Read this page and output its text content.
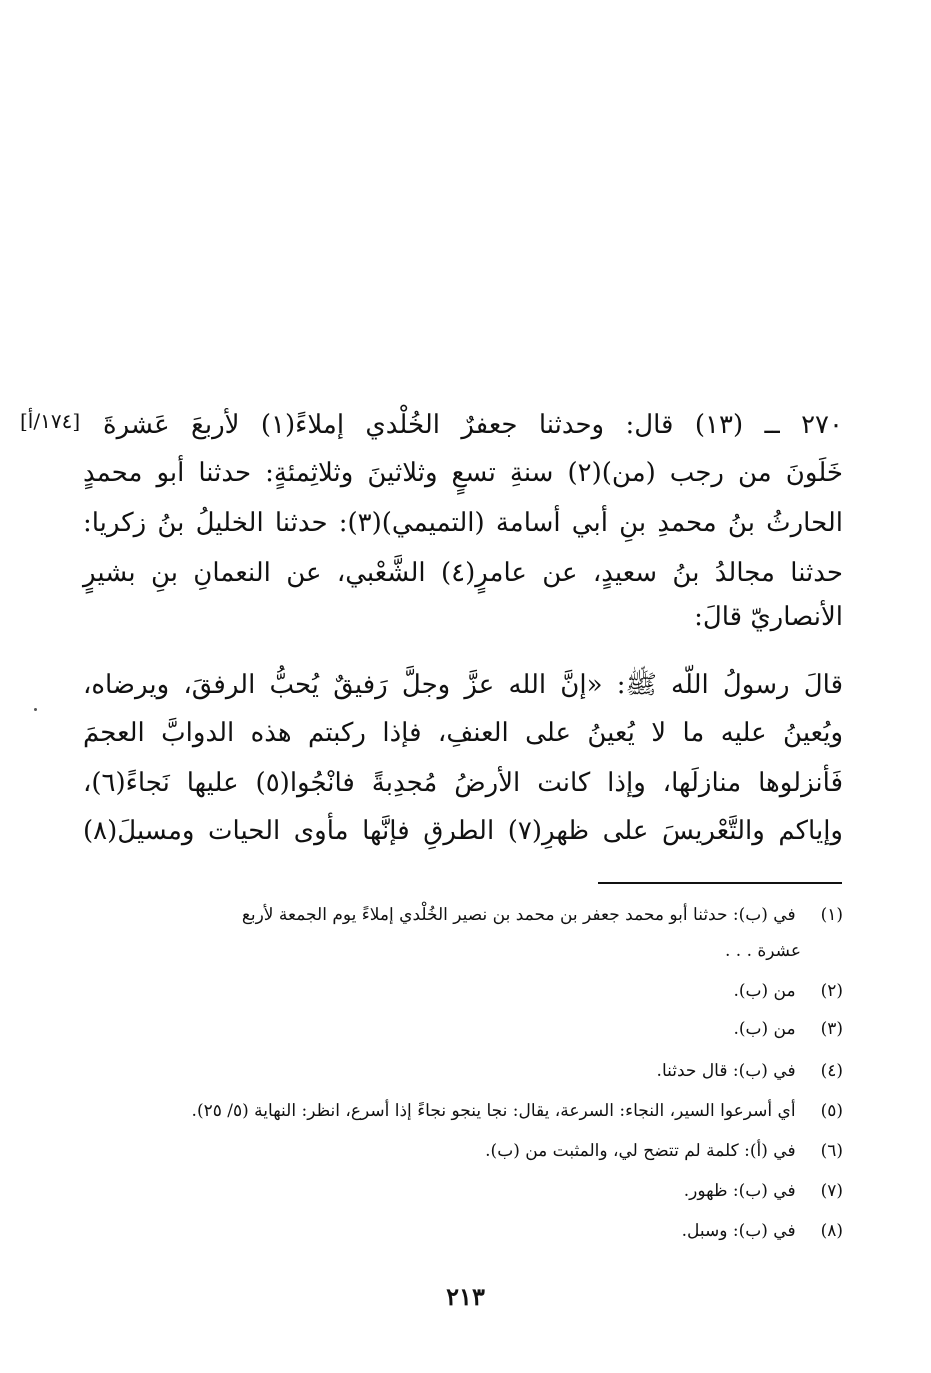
[١٧٤/أ] ٢٧٠ ــ (١٣) قال: وحدثنا جعفرٌ الخُلْدي إملاءً(١) لأربعَ عَشرةَ
خَلَونَ من رجب (من)(٢) سنةِ تسعٍ وثلاثينَ وثلاثِمئةٍ: حدثنا أبو محمدٍ
الحارثُ بنُ محمدِ بنِ أبي أسامة (التميمي)(٣): حدثنا الخليلُ بنُ زكريا:
حدثنا مجالدُ بنُ سعيدٍ، عن عامرٍ(٤) الشَّعْبي، عن النعمانِ بنِ بشيرٍ
الأنصاريّ قالَ:
قالَ رسولُ اللّه ﷺ: «إنَّ الله عزَّ وجلَّ رَفيقٌ يُحبُّ الرفقَ، ويرضاه،
ويُعينُ عليه ما لا يُعينُ على العنفِ، فإذا ركبتم هذه الدوابَّ العجمَ
فَأنزلوها منازلَها، وإذا كانت الأرضُ مُجدِبةً فانْجُوا(٥) عليها نَجاءً(٦)،
وإياكم والتَّعْريسَ على ظهرِ(٧) الطرقِ فإنَّها مأوى الحيات ومسيلَ(٨)
(١) في (ب): حدثنا أبو محمد جعفر بن محمد بن نصير الخُلْدي إملاءً يوم الجمعة لأربع
عشرة . . .
(٢) من (ب).
(٣) من (ب).
(٤) في (ب): قال حدثنا.
(٥) أي أسرعوا السير، النجاء: السرعة، يقال: نجا ينجو نجاءً إذا أسرع، انظر: النهاية (٥/ ٢٥).
(٦) في (أ): كلمة لم تتضح لي، والمثبت من (ب).
(٧) في (ب): ظهور.
(٨) في (ب): وسبل.
٢١٣
